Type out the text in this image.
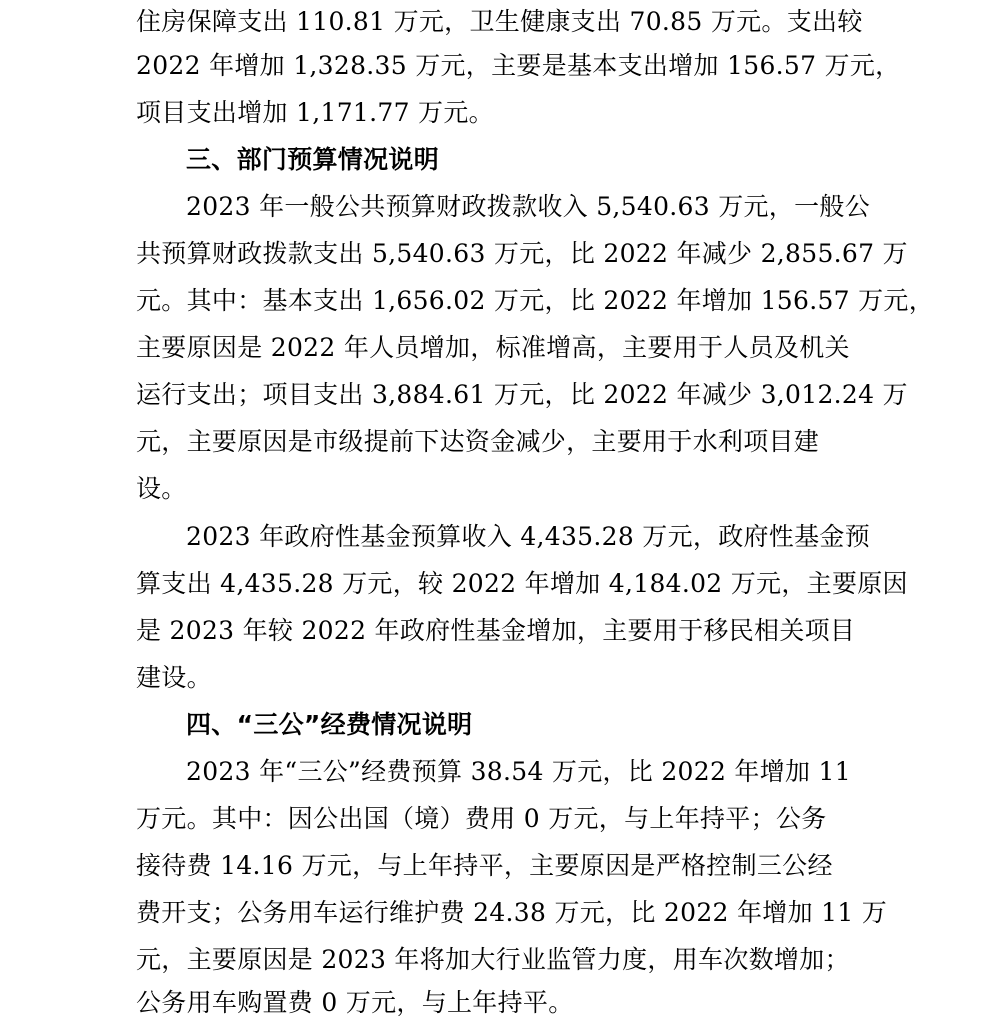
住房保障支出 110.81 万元，卫生健康支出 70.85 万元。支出较
2022 年增加 1,328.35 万元，主要是基本支出增加 156.57 万元，
项目支出增加 1,171.77 万元。
三、部门预算情况说明
2023 年一般公共预算财政拨款收入 5,540.63 万元，一般公
共预算财政拨款支出 5,540.63 万元，比 2022 年减少 2,855.67 万
元。其中：基本支出 1,656.02 万元，比 2022 年增加 156.57 万元，
主要原因是 2022 年人员增加，标准增高，主要用于人员及机关
运行支出；项目支出 3,884.61 万元，比 2022 年减少 3,012.24 万
元，主要原因是市级提前下达资金减少，主要用于水利项目建
设。
2023 年政府性基金预算收入 4,435.28 万元，政府性基金预
算支出 4,435.28 万元，较 2022 年增加 4,184.02 万元，主要原因
是 2023 年较 2022 年政府性基金增加，主要用于移民相关项目
建设。
四、“三公”经费情况说明
2023 年“三公”经费预算 38.54 万元，比 2022 年增加 11
万元。其中：因公出国（境）费用 0 万元，与上年持平；公务
接待费 14.16 万元，与上年持平，主要原因是严格控制三公经
费开支；公务用车运行维护费 24.38 万元，比 2022 年增加 11 万
元，主要原因是 2023 年将加大行业监管力度，用车次数增加；
公务用车购置费 0 万元，与上年持平。
